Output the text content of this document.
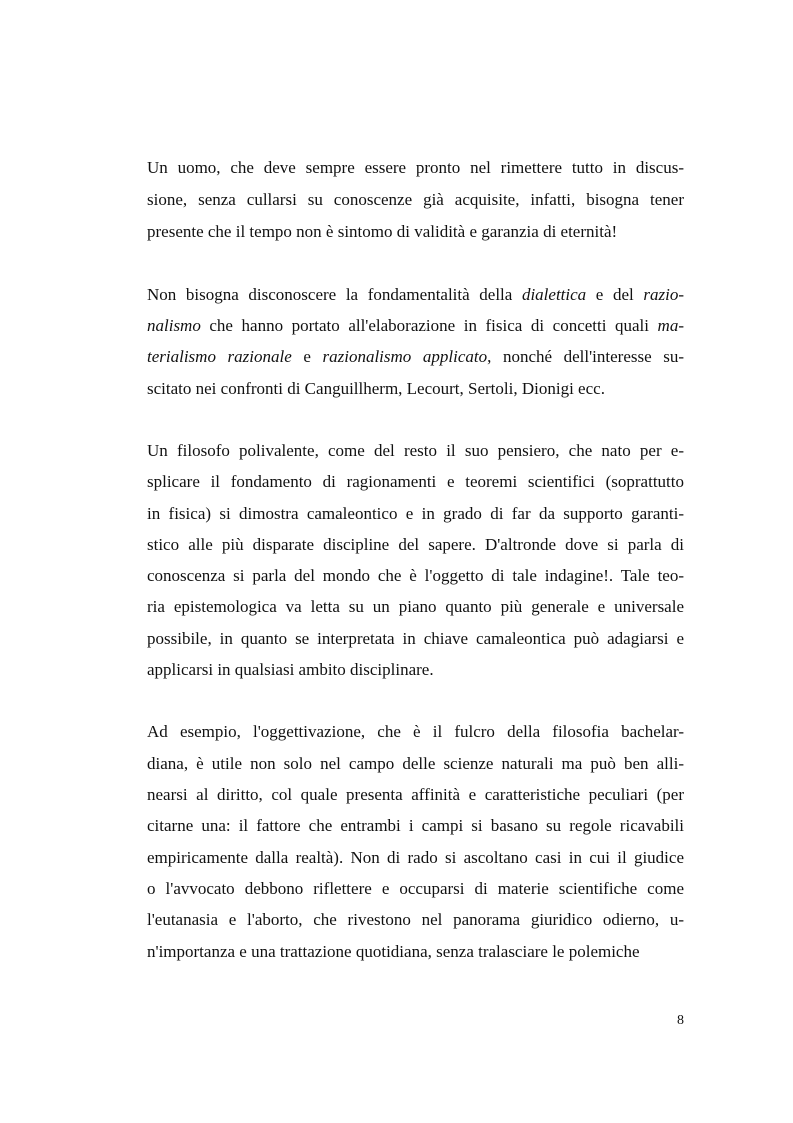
Un uomo, che deve sempre essere pronto nel rimettere tutto in discus-
sione, senza cullarsi su conoscenze già acquisite, infatti, bisogna tener
presente che il tempo non è sintomo di validità e garanzia di eternità!
Non bisogna disconoscere la fondamentalità della dialettica e del razio-
nalismo che hanno portato all'elaborazione in fisica di concetti quali ma-
terialismo razionale e razionalismo applicato, nonché dell'interesse su-
scitato nei confronti di Canguillherm, Lecourt, Sertoli, Dionigi ecc.
Un filosofo polivalente, come del resto il suo pensiero, che nato per e-
splicare il fondamento di ragionamenti e teoremi scientifici (soprattutto
in fisica) si dimostra camaleontico e in grado di far da supporto garanti-
stico alle più disparate discipline del sapere. D'altronde dove si parla di
conoscenza si parla del mondo che è l'oggetto di tale indagine!. Tale teo-
ria epistemologica va letta su un piano quanto più generale e universale
possibile, in quanto se interpretata in chiave camaleontica può adagiarsi e
applicarsi in qualsiasi ambito disciplinare.
Ad esempio, l'oggettivazione, che è il fulcro della filosofia bachelar-
diana, è utile non solo nel campo delle scienze naturali ma può ben alli-
nearsi al diritto, col quale presenta affinità e caratteristiche peculiari (per
citarne una: il fattore che entrambi i campi si basano su regole ricavabili
empiricamente dalla realtà). Non di rado si ascoltano casi in cui il giudice
o l'avvocato debbono riflettere e occuparsi di materie scientifiche come
l'eutanasia e l'aborto, che rivestono nel panorama giuridico odierno, u-
n'importanza e una trattazione quotidiana, senza tralasciare le polemiche
8
